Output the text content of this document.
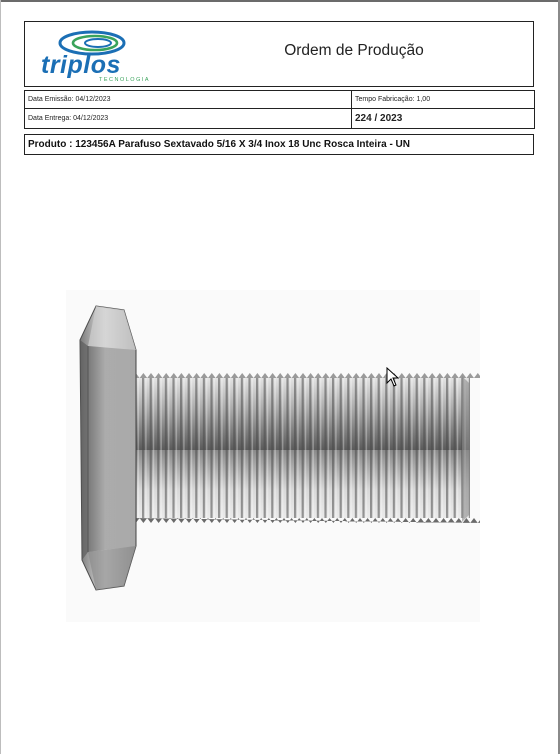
triplos
TECNOLOGIA
Ordem de Produção
Data Emissão: 04/12/2023	Tempo Fabricação: 1,00
Data Entrega: 04/12/2023	224 / 2023
Produto : 123456A Parafuso Sextavado 5/16 X 3/4 Inox 18 Unc Rosca Inteira - UN
